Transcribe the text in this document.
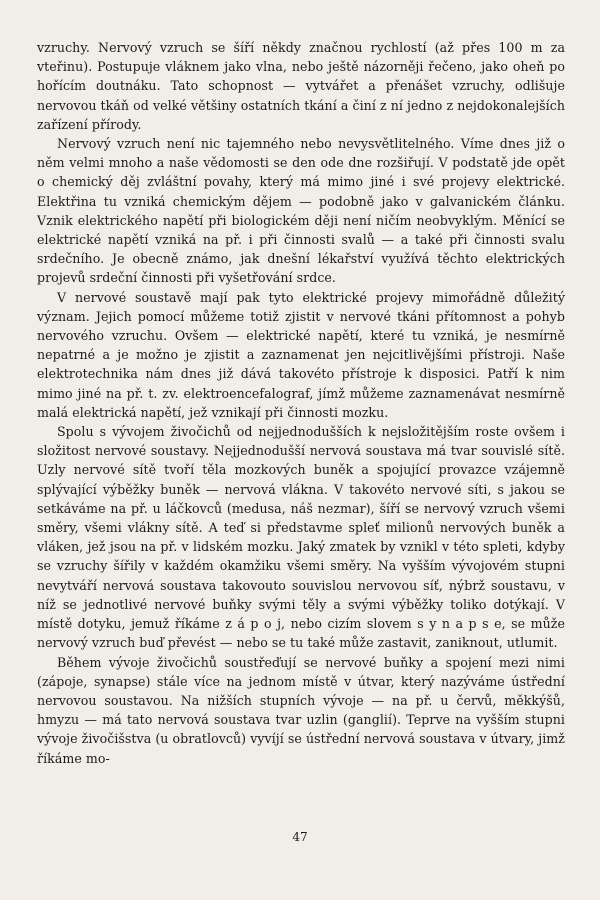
vzruchy. Nervový vzruch se šíří někdy značnou rychlostí (až přes 100 m za vteřinu). Postupuje vláknem jako vlna, nebo ještě názorněji řečeno, jako oheň po hořícím doutnáku. Tato schopnost — vytvářet a přenášet vzruchy, odlišuje nervovou tkáň od velké většiny ostatních tkání a činí z ní jedno z nejdokonalejších zařízení přírody.

Nervový vzruch není nic tajemného nebo nevysvětlitelného. Víme dnes již o něm velmi mnoho a naše vědomosti se den ode dne rozšiřují. V podstatě jde opět o chemický děj zvláštní povahy, který má mimo jiné i své projevy elektrické. Elektřina tu vzniká chemickým dějem — podobně jako v galvanickém článku. Vznik elektrického napětí při biologickém ději není ničím neobvyklým. Měnící se elektrické napětí vzniká na př. i při činnosti svalů — a také při činnosti svalu srdečního. Je obecně známo, jak dnešní lékařství využívá těchto elektrických projevů srdeční činnosti při vyšetřování srdce.

V nervové soustavě mají pak tyto elektrické projevy mimořádně důležitý význam. Jejich pomocí můžeme totiž zjistit v nervové tkáni přítomnost a pohyb nervového vzruchu. Ovšem — elektrické napětí, které tu vzniká, je nesmírně nepatrné a je možno je zjistit a zaznamenat jen nejcitlivějšími přístroji. Naše elektrotechnika nám dnes již dává takovéto přístroje k disposici. Patří k nim mimo jiné na př. t. zv. elektroencefalograf, jímž můžeme zaznamenávat nesmírně malá elektrická napětí, jež vznikají při činnosti mozku.

Spolu s vývojem živočichů od nejjednodušších k nejsložitějším roste ovšem i složitost nervové soustavy. Nejjednodušší nervová soustava má tvar souvislé sítě. Uzly nervové sítě tvoří těla mozkových buněk a spojující provazce vzájemně splývající výběžky buněk — nervová vlákna. V takovéto nervové síti, s jakou se setkáváme na př. u láčkovců (medusa, náš nezmar), šíří se nervový vzruch všemi směry, všemi vlákny sítě. A teď si představme spleť milionů nervových buněk a vláken, jež jsou na př. v lidském mozku. Jaký zmatek by vznikl v této spleti, kdyby se vzruchy šířily v každém okamžiku všemi směry. Na vyšším vývojovém stupni nevytváří nervová soustava takovouto souvislou nervovou síť, nýbrž soustavu, v níž se jednotlivé nervové buňky svými těly a svými výběžky toliko dotýkají. V místě dotyku, jemuž říkáme z á p o j, nebo cizím slovem s y n a p s e, se může nervový vzruch buď převést — nebo se tu také může zastavit, zaniknout, utlumit.

Během vývoje živočichů soustřeďují se nervové buňky a spojení mezi nimi (zápoje, synapse) stále více na jednom místě v útvar, který nazýváme ústřední nervovou soustavou. Na nižších stupních vývoje — na př. u červů, měkkýšů, hmyzu — má tato nervová soustava tvar uzlin (ganglií). Teprve na vyšším stupni vývoje živočišstva (u obratlovců) vyvíjí se ústřední nervová soustava v útvary, jimž říkáme mo-

47
